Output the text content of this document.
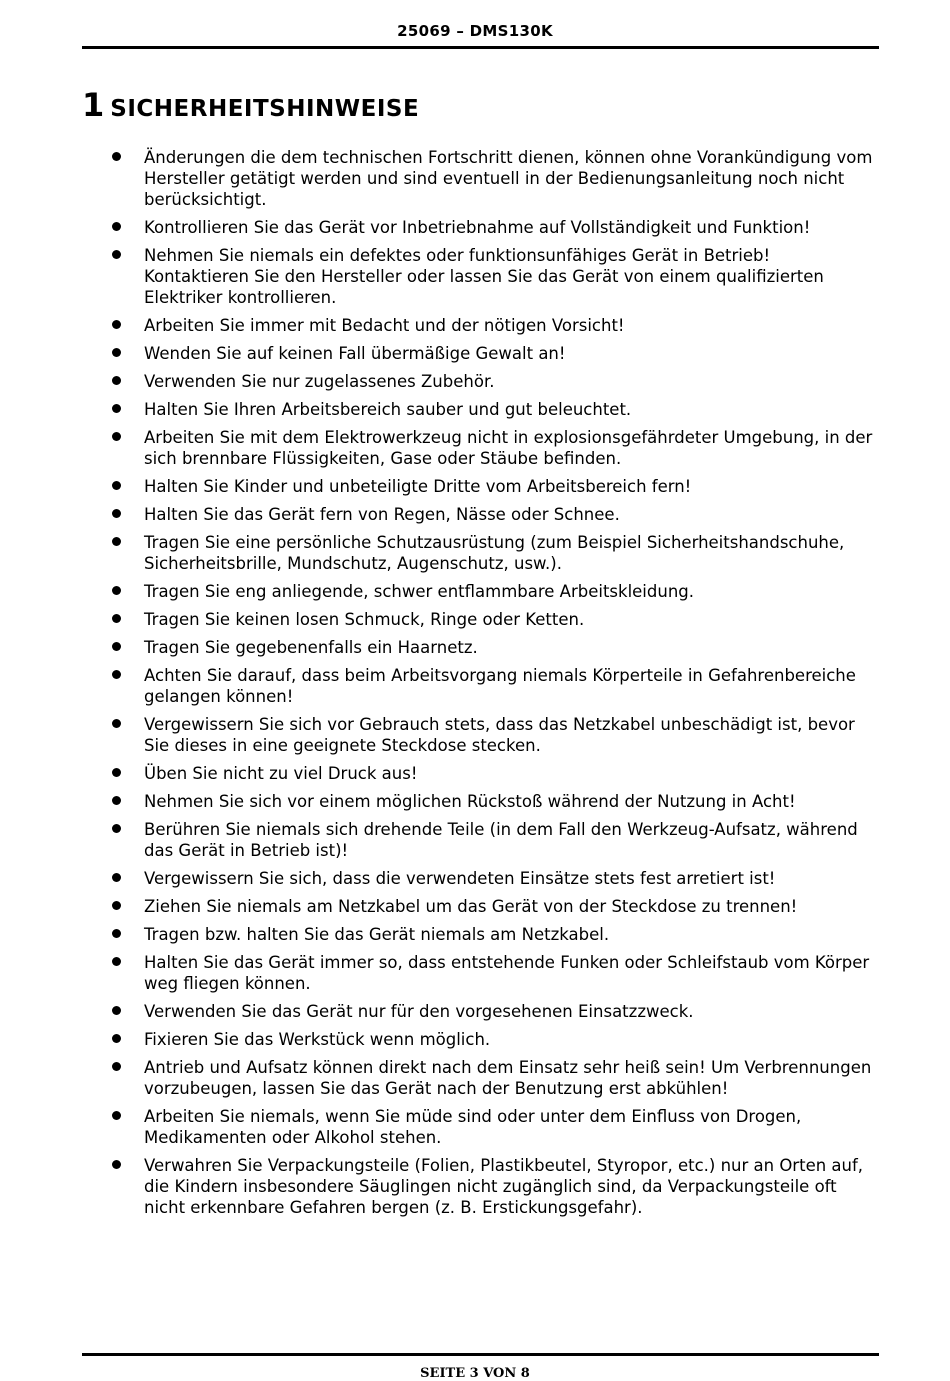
25069 – DMS130K
1 SICHERHEITSHINWEISE
Änderungen die dem technischen Fortschritt dienen, können ohne Vorankündigung vom Hersteller getätigt werden und sind eventuell in der Bedienungsanleitung noch nicht berücksichtigt.
Kontrollieren Sie das Gerät vor Inbetriebnahme auf Vollständigkeit und Funktion!
Nehmen Sie niemals ein defektes oder funktionsunfähiges Gerät in Betrieb! Kontaktieren Sie den Hersteller oder lassen Sie das Gerät von einem qualifizierten Elektriker kontrollieren.
Arbeiten Sie immer mit Bedacht und der nötigen Vorsicht!
Wenden Sie auf keinen Fall übermäßige Gewalt an!
Verwenden Sie nur zugelassenes Zubehör.
Halten Sie Ihren Arbeitsbereich sauber und gut beleuchtet.
Arbeiten Sie mit dem Elektrowerkzeug nicht in explosionsgefährdeter Umgebung, in der sich brennbare Flüssigkeiten, Gase oder Stäube befinden.
Halten Sie Kinder und unbeteiligte Dritte vom Arbeitsbereich fern!
Halten Sie das Gerät fern von Regen, Nässe oder Schnee.
Tragen Sie eine persönliche Schutzausrüstung (zum Beispiel Sicherheitshandschuhe, Sicherheitsbrille, Mundschutz, Augenschutz, usw.).
Tragen Sie eng anliegende, schwer entflammbare Arbeitskleidung.
Tragen Sie keinen losen Schmuck, Ringe oder Ketten.
Tragen Sie gegebenenfalls ein Haarnetz.
Achten Sie darauf, dass beim Arbeitsvorgang niemals Körperteile in Gefahrenbereiche gelangen können!
Vergewissern Sie sich vor Gebrauch stets, dass das Netzkabel unbeschädigt ist, bevor Sie dieses in eine geeignete Steckdose stecken.
Üben Sie nicht zu viel Druck aus!
Nehmen Sie sich vor einem möglichen Rückstoß während der Nutzung in Acht!
Berühren Sie niemals sich drehende Teile (in dem Fall den Werkzeug-Aufsatz, während das Gerät in Betrieb ist)!
Vergewissern Sie sich, dass die verwendeten Einsätze stets fest arretiert ist!
Ziehen Sie niemals am Netzkabel um das Gerät von der Steckdose zu trennen!
Tragen bzw. halten Sie das Gerät niemals am Netzkabel.
Halten Sie das Gerät immer so, dass entstehende Funken oder Schleifstaub vom Körper weg fliegen können.
Verwenden Sie das Gerät nur für den vorgesehenen Einsatzzweck.
Fixieren Sie das Werkstück wenn möglich.
Antrieb und Aufsatz können direkt nach dem Einsatz sehr heiß sein! Um Verbrennungen vorzubeugen, lassen Sie das Gerät nach der Benutzung erst abkühlen!
Arbeiten Sie niemals, wenn Sie müde sind oder unter dem Einfluss von Drogen, Medikamenten oder Alkohol stehen.
Verwahren Sie Verpackungsteile (Folien, Plastikbeutel, Styropor, etc.) nur an Orten auf, die Kindern insbesondere Säuglingen nicht zugänglich sind, da Verpackungsteile oft nicht erkennbare Gefahren bergen (z. B. Erstickungsgefahr).
SEITE 3 VON 8
